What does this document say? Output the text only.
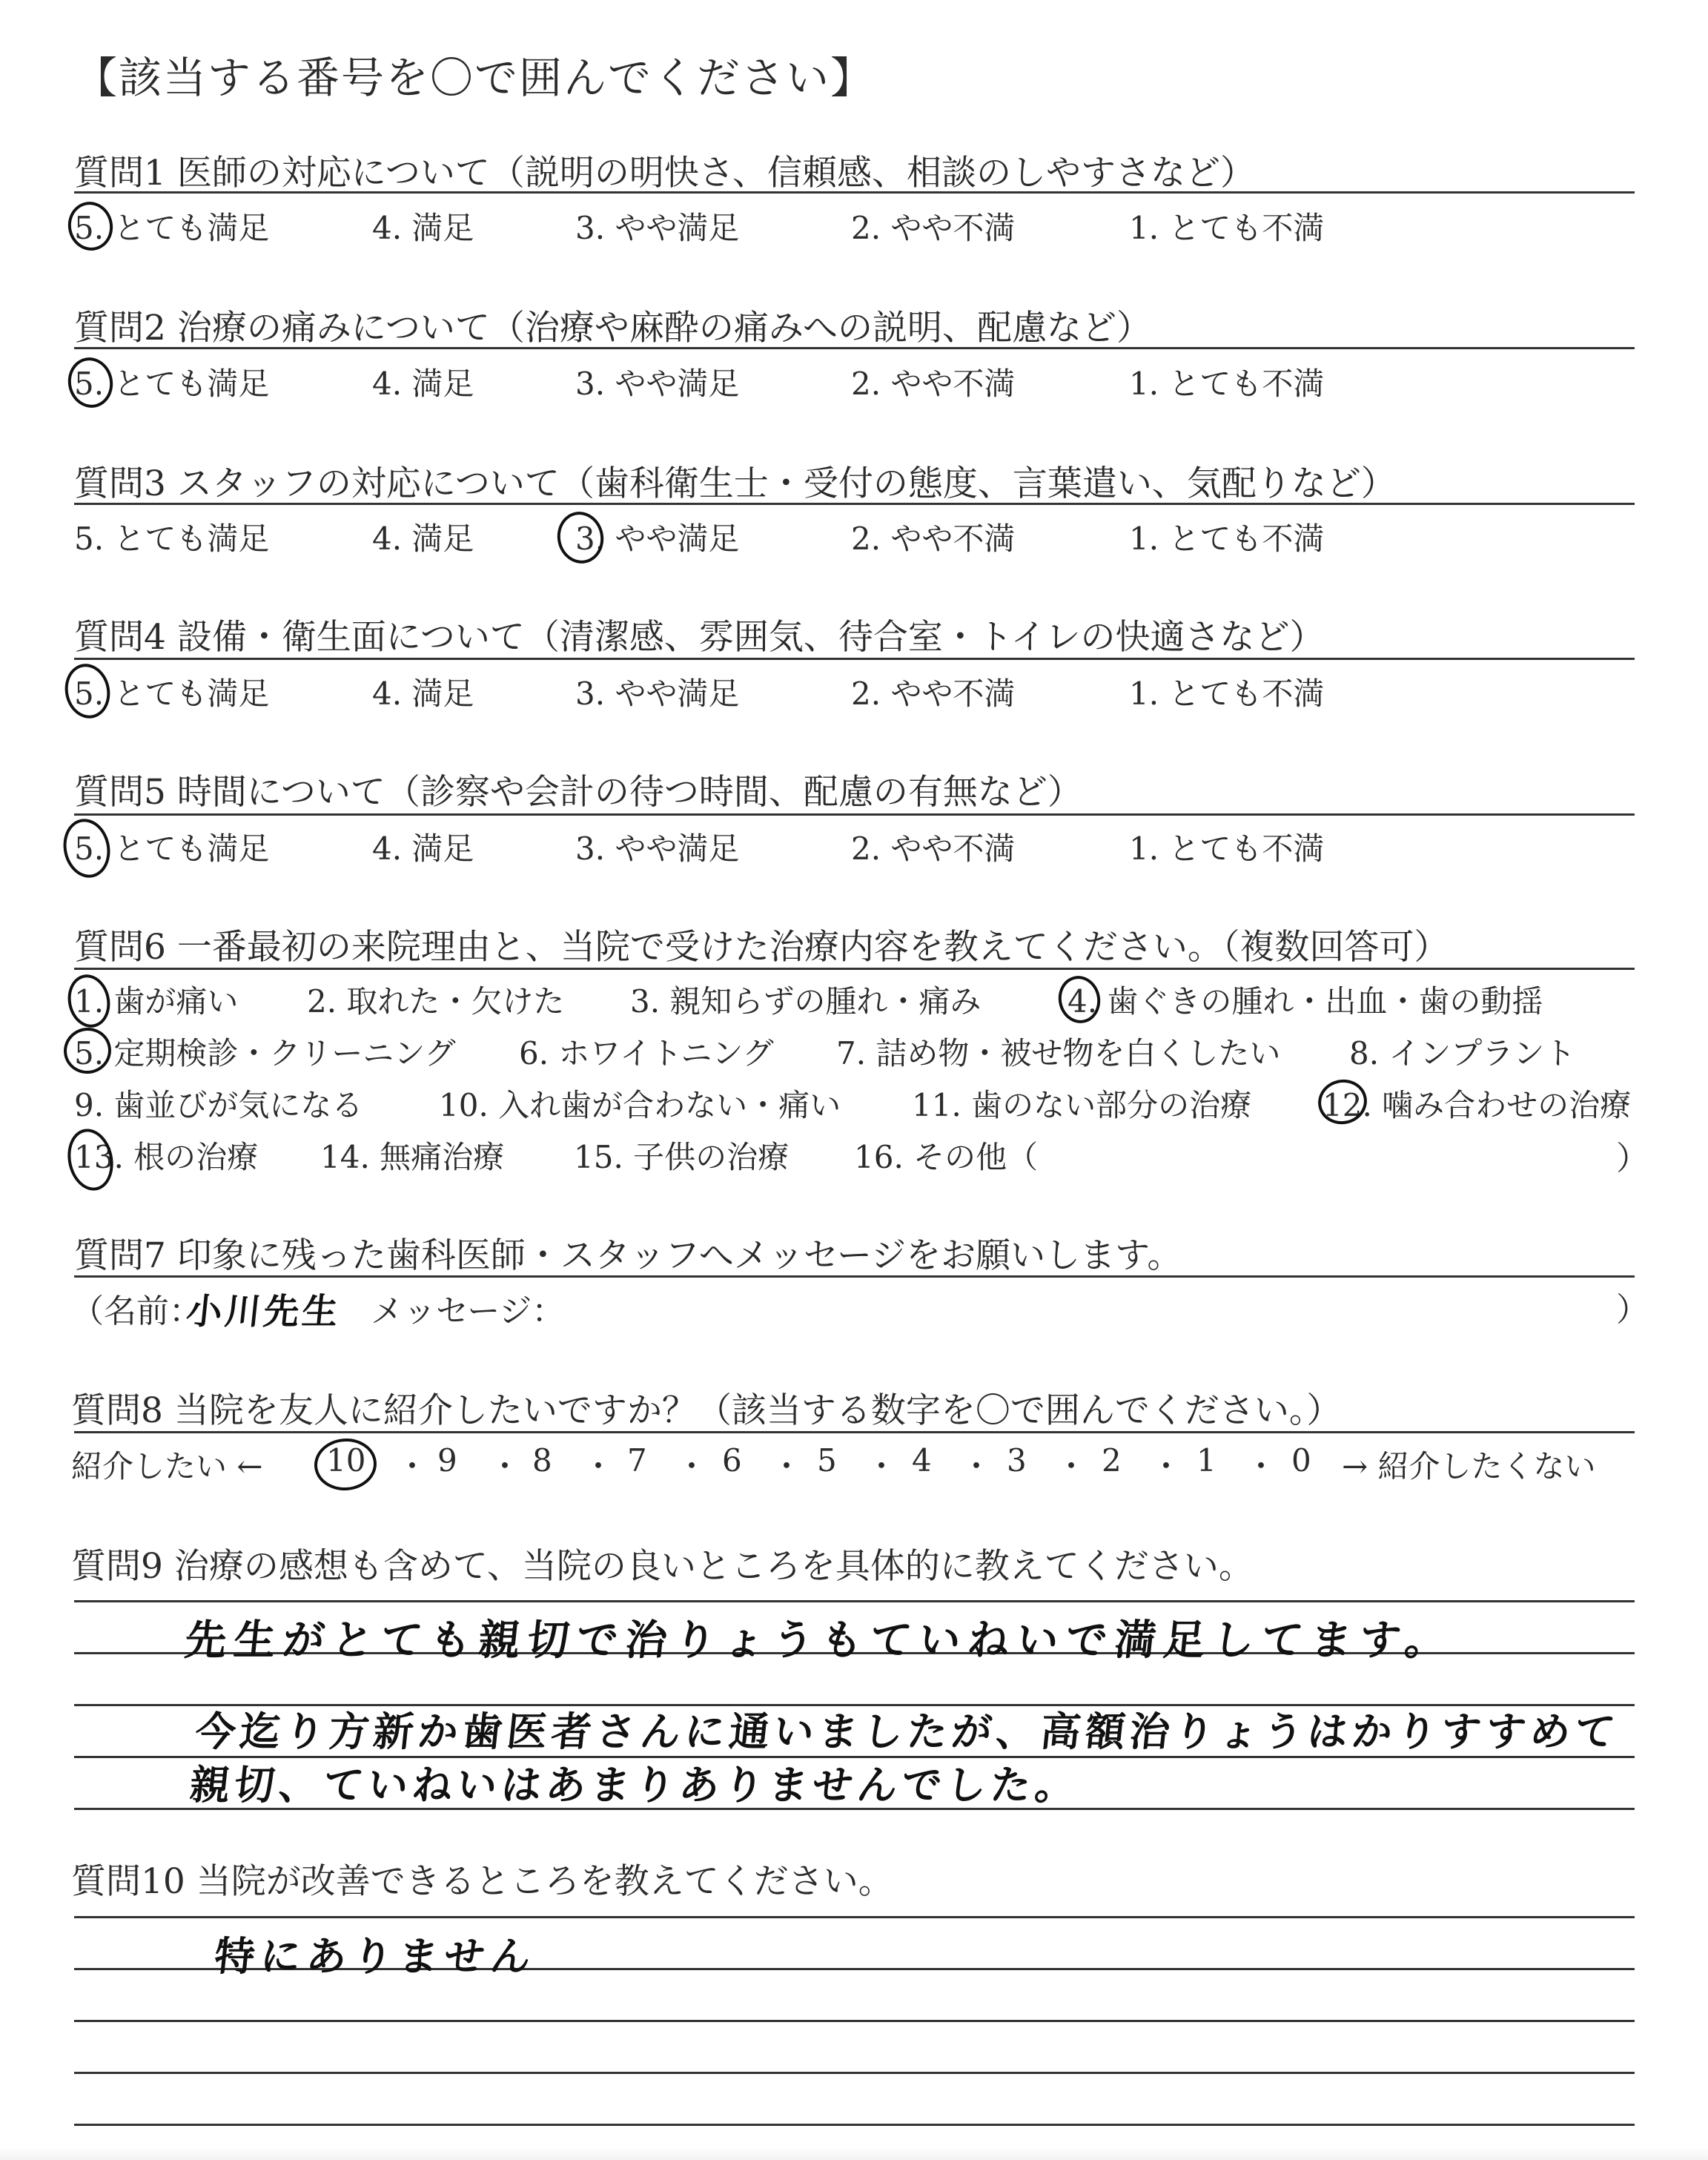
【該当する番号を〇で囲んでください】
質問1 医師の対応について（説明の明快さ、信頼感、相談のしやすさなど）
5. とても満足	4. 満足	3. やや満足	2. やや不満	1. とても不満
質問2 治療の痛みについて（治療や麻酔の痛みへの説明、配慮など）
5. とても満足	4. 満足	3. やや満足	2. やや不満	1. とても不満
質問3 スタッフの対応について（歯科衛生士・受付の態度、言葉遣い、気配りなど）
5. とても満足	4. 満足	3. やや満足	2. やや不満	1. とても不満
質問4 設備・衛生面について（清潔感、雰囲気、待合室・トイレの快適さなど）
5. とても満足	4. 満足	3. やや満足	2. やや不満	1. とても不満
質問5 時間について（診察や会計の待つ時間、配慮の有無など）
5. とても満足	4. 満足	3. やや満足	2. やや不満	1. とても不満
質問6 一番最初の来院理由と、当院で受けた治療内容を教えてください。（複数回答可）
1. 歯が痛い 2. 取れた・欠けた 3. 親知らずの腫れ・痛み	4. 歯ぐきの腫れ・出血・歯の動揺
5. 定期検診・クリーニング 6. ホワイトニング 7. 詰め物・被せ物を白くしたい 8. インプラント
9. 歯並びが気になる 10. 入れ歯が合わない・痛い 11. 歯のない部分の治療 12. 噛み合わせの治療
13. 根の治療 14. 無痛治療 15. 子供の治療 16. その他（	）
質問7 印象に残った歯科医師・スタッフへメッセージをお願いします。
（名前：
小川先生 メッセージ：	）
質問8 当院を友人に紹介したいですか？（該当する数字を〇で囲んでください。）
紹介したい ← 10 ・ 9 ・ 8 ・ 7 ・ 6 ・ 5 ・ 4 ・ 3 ・ 2 ・ 1 ・ 0 → 紹介したくない
質問9 治療の感想も含めて、当院の良いところを具体的に教えてください。
先生がとても親切で治りょうもていねいで満足してます。
今迄り方新か歯医者さんに通いましたが、高額治りょうはかりすすめて親切、ていねいはあまりありませんでした。
質問10 当院が改善できるところを教えてください。
特にありません
